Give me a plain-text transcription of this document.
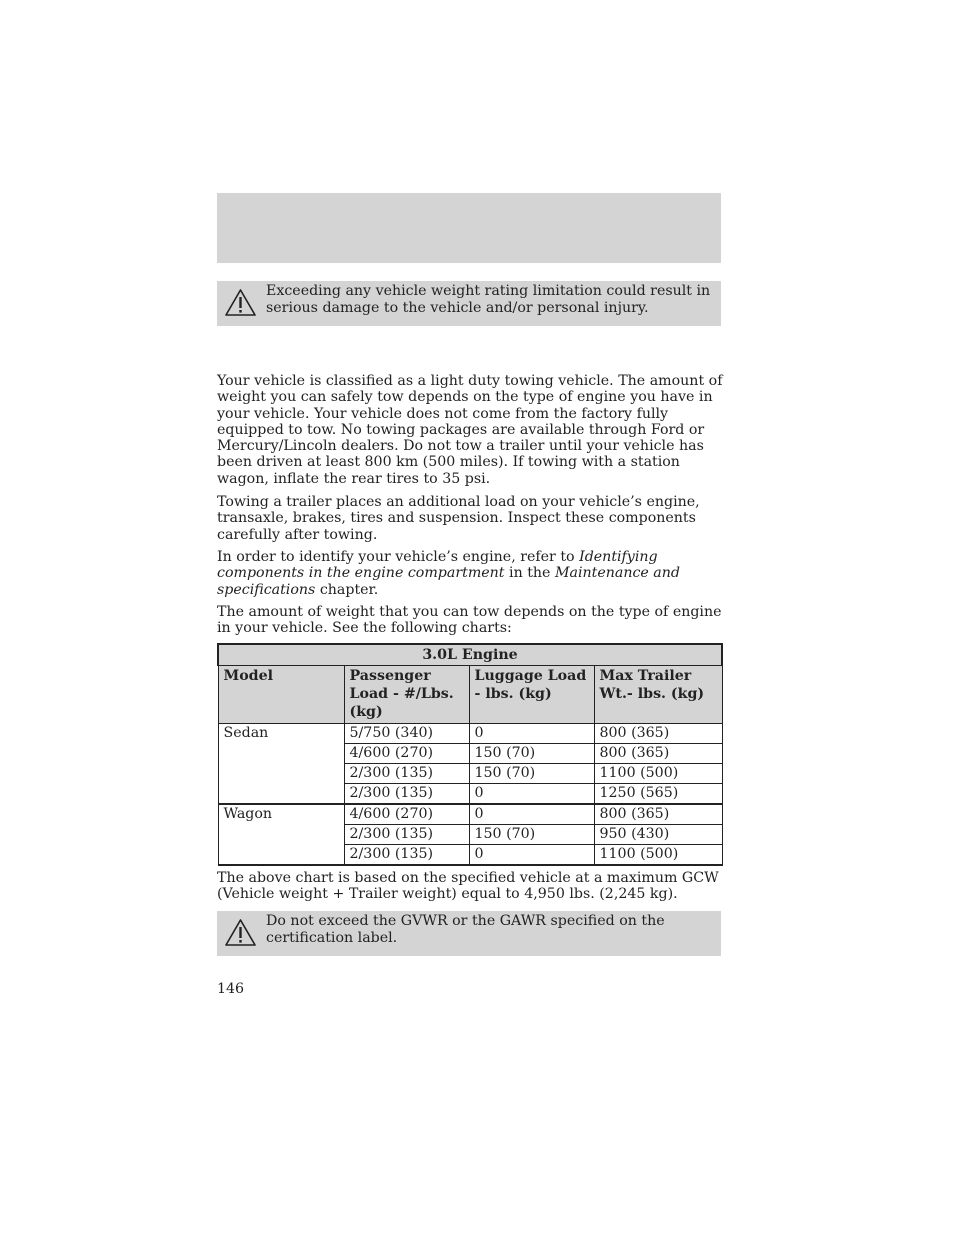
Exceeding any vehicle weight rating limitation could result in
serious damage to the vehicle and/or personal injury.

Your vehicle is classified as a light duty towing vehicle. The amount of weight you can safely tow depends on the type of engine you have in your vehicle. Your vehicle does not come from the factory fully equipped to tow. No towing packages are available through Ford or Mercury/Lincoln dealers. Do not tow a trailer until your vehicle has been driven at least 800 km (500 miles). If towing with a station wagon, inflate the rear tires to 35 psi.

Towing a trailer places an additional load on your vehicle’s engine, transaxle, brakes, tires and suspension. Inspect these components carefully after towing.

In order to identify your vehicle’s engine, refer to Identifying components in the engine compartment in the Maintenance and specifications chapter.

The amount of weight that you can tow depends on the type of engine in your vehicle. See the following charts:

3.0L Engine			
Model	Passenger Load - #/Lbs. (kg)	Luggage Load - lbs. (kg)	Max Trailer Wt.- lbs. (kg)
Sedan	5/750 (340)	0	800 (365)
	4/600 (270)	150 (70)	800 (365)
	2/300 (135)	150 (70)	1100 (500)
	2/300 (135)	0	1250 (565)
Wagon	4/600 (270)	0	800 (365)
	2/300 (135)	150 (70)	950 (430)
	2/300 (135)	0	1100 (500)

The above chart is based on the specified vehicle at a maximum GCW (Vehicle weight + Trailer weight) equal to 4,950 lbs. (2,245 kg).

Do not exceed the GVWR or the GAWR specified on the
certification label.
146
